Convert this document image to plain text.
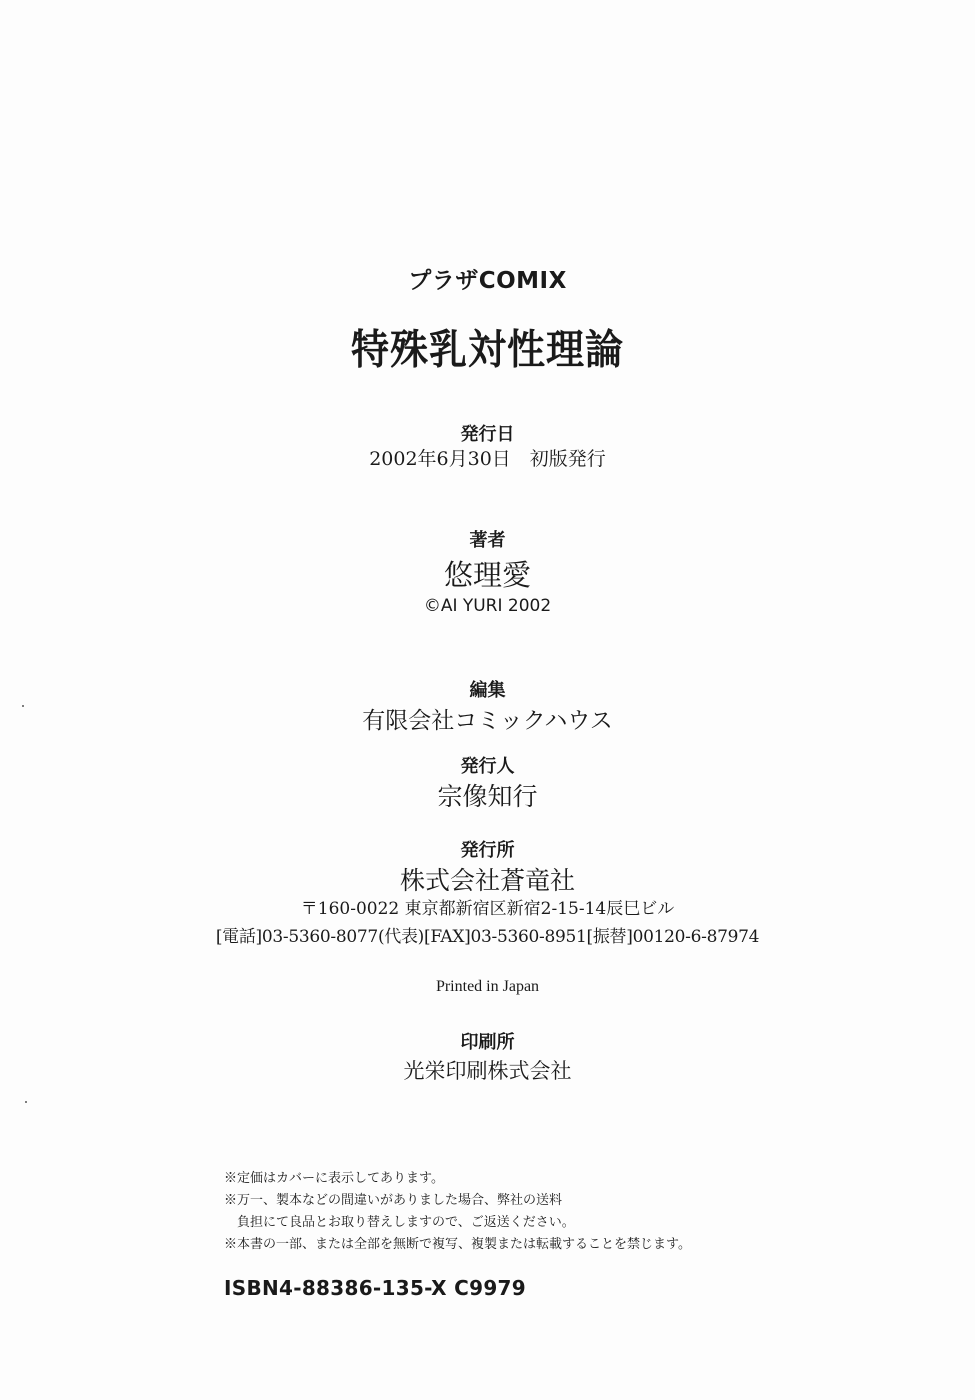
プラザCOMIX
特殊乳対性理論
発行日
2002年6月30日　初版発行
著者
悠理愛
©AI YURI 2002
編集
有限会社コミックハウス
発行人
宗像知行
発行所
株式会社蒼竜社
〒160-0022 東京都新宿区新宿2-15-14辰巳ビル
[電話]03-5360-8077(代表)[FAX]03-5360-8951[振替]00120-6-87974
Printed in Japan
印刷所
光栄印刷株式会社
※定価はカバーに表示してあります。
※万一、製本などの間違いがありました場合、弊社の送料
負担にて良品とお取り替えしますので、ご返送ください。
※本書の一部、または全部を無断で複写、複製または転載することを禁じます。
ISBN4-88386-135-X C9979
